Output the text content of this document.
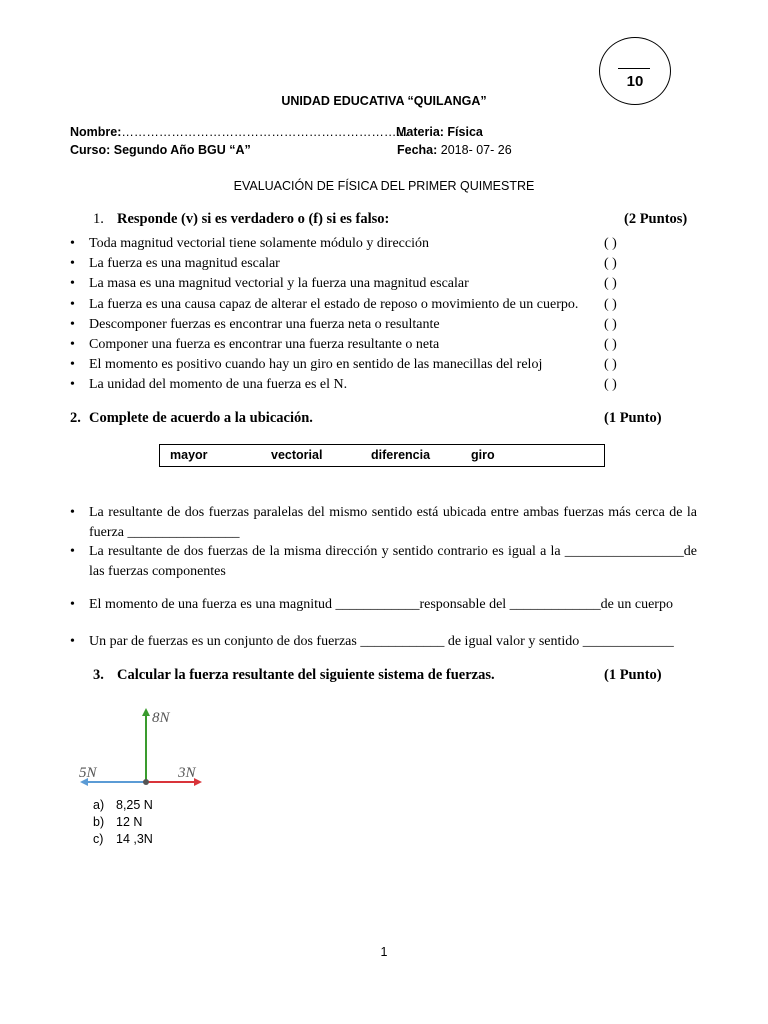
10
UNIDAD EDUCATIVA “QUILANGA”
Nombre:……………………………………………………………
Materia: Física
Curso: Segundo Año BGU “A”	Fecha: 2018- 07- 26
EVALUACIÓN DE FÍSICA DEL PRIMER QUIMESTRE
1. Responde (v) si es verdadero o (f) si es falso:	(2 Puntos)
• Toda magnitud vectorial tiene solamente módulo y dirección	( )
• La fuerza es una magnitud escalar	( )
• La masa es una magnitud vectorial y la fuerza una magnitud escalar	( )
• La fuerza es una causa capaz de alterar el estado de reposo o movimiento de un cuerpo. ( )
• Descomponer fuerzas es encontrar una fuerza neta o resultante	( )
• Componer una fuerza es encontrar una fuerza resultante o neta	( )
• El momento es positivo cuando hay un giro en sentido de las manecillas del reloj	( )
• La unidad del momento de una fuerza es el N.	( )
2. Complete de acuerdo a la ubicación.	(1 Punto)
mayor	vectorial	diferencia	giro
• La resultante de dos fuerzas paralelas del mismo sentido está ubicada entre ambas fuerzas más cerca de la fuerza ________________
• La resultante de dos fuerzas de la misma dirección y sentido contrario es igual a la _________________de las fuerzas componentes
• El momento de una fuerza es una magnitud ____________responsable del _____________de un cuerpo
• Un par de fuerzas es un conjunto de dos fuerzas ____________ de igual valor y sentido _____________
3. Calcular la fuerza resultante del siguiente sistema de fuerzas.	(1 Punto)
8N
5N	3N
a) 8,25 N
b) 12 N
c) 14 ,3N
1
